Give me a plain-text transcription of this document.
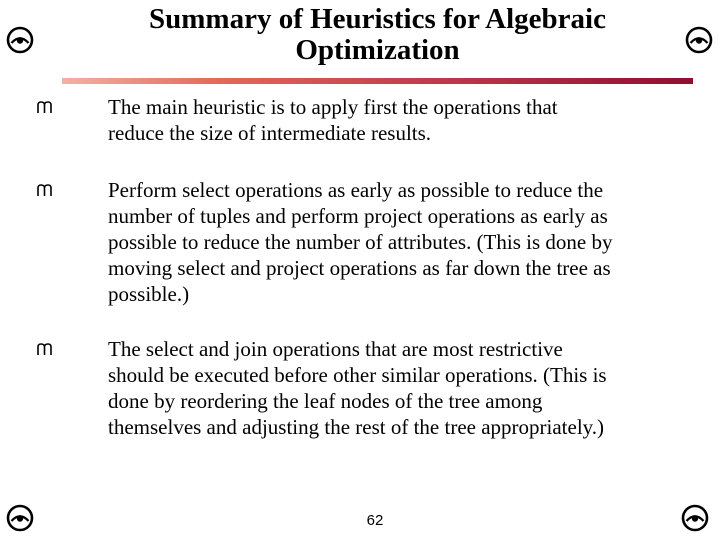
Summary of Heuristics for Algebraic
Optimization
The main heuristic is to apply first the operations that
reduce the size of intermediate results.
Perform select operations as early as possible to reduce the
number of tuples and perform project operations as early as
possible to reduce the number of attributes. (This is done by
moving select and project operations as far down the tree as
possible.)
The select and join operations that are most restrictive
should be executed before other similar operations. (This is
done by reordering the leaf nodes of the tree among
themselves and adjusting the rest of the tree appropriately.)
62
